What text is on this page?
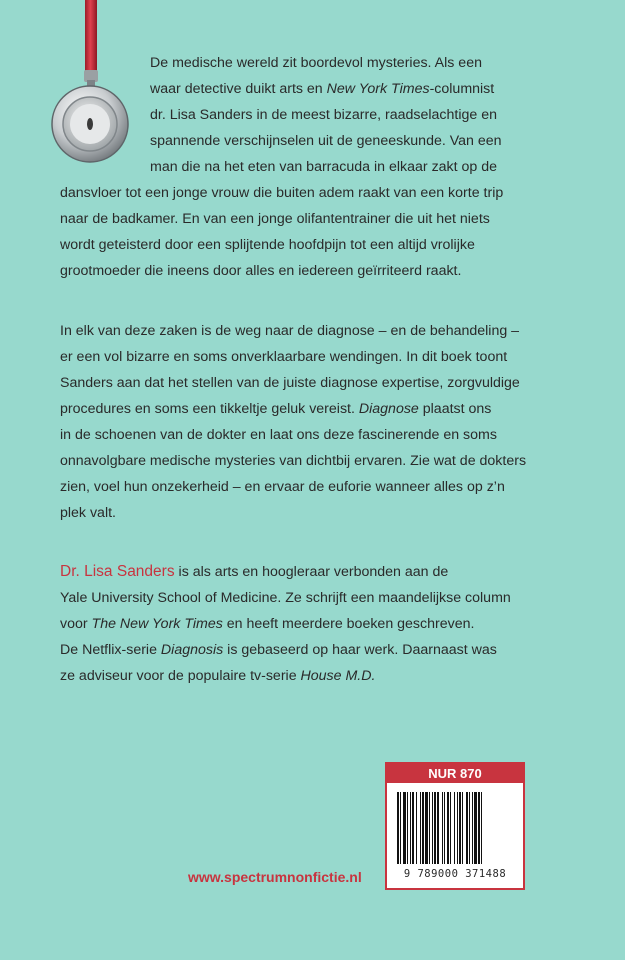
De medische wereld zit boordevol mysteries. Als een
waar detective duikt arts en New York Times-columnist
dr. Lisa Sanders in de meest bizarre, raadselachtige en
spannende verschijnselen uit de geneeskunde. Van een
man die na het eten van barracuda in elkaar zakt op de
dansvloer tot een jonge vrouw die buiten adem raakt van een korte trip
naar de badkamer. En van een jonge olifantentrainer die uit het niets
wordt geteisterd door een splijtende hoofdpijn tot een altijd vrolijke
grootmoeder die ineens door alles en iedereen geïrriteerd raakt.
In elk van deze zaken is de weg naar de diagnose – en de behandeling –
er een vol bizarre en soms onverklaarbare wendingen. In dit boek toont
Sanders aan dat het stellen van de juiste diagnose expertise, zorgvuldige
procedures en soms een tikkeltje geluk vereist. Diagnose plaatst ons
in de schoenen van de dokter en laat ons deze fascinerende en soms
onnavolgbare medische mysteries van dichtbij ervaren. Zie wat de dokters
zien, voel hun onzekerheid – en ervaar de euforie wanneer alles op z’n
plek valt.
Dr. Lisa Sanders is als arts en hoogleraar verbonden aan de
Yale University School of Medicine. Ze schrijft een maandelijkse column
voor The New York Times en heeft meerdere boeken geschreven.
De Netflix-serie Diagnosis is gebaseerd op haar werk. Daarnaast was
ze adviseur voor de populaire tv-serie House M.D.
www.spectrumnonfictie.nl
NUR 870
9 789000 371488
